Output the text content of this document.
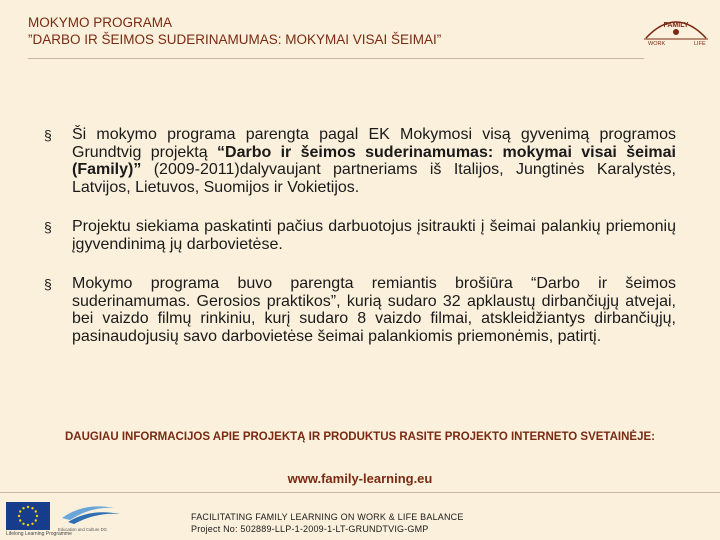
MOKYMO PROGRAMA
”DARBO IR ŠEIMOS SUDERINAMUMAS: MOKYMAI VISAI ŠEIMAI”
FAMILY
WORK	LIFE
§ Ši mokymo programa parengta pagal EK Mokymosi visą gyvenimą programos Grundtvig projektą “Darbo ir šeimos suderinamumas: mokymai visai šeimai (Family)” (2009-2011)dalyvaujant partneriams iš Italijos, Jungtinės Karalystės, Latvijos, Lietuvos, Suomijos ir Vokietijos.
§ Projektu siekiama paskatinti pačius darbuotojus įsitraukti į šeimai palankių priemonių įgyvendinimą jų darbovietėse.
§ Mokymo programa buvo parengta remiantis brošiūra “Darbo ir šeimos suderinamumas. Gerosios praktikos”, kurią sudaro 32 apklaustų dirbančiųjų atvejai, bei vaizdo filmų rinkiniu, kurį sudaro 8 vaizdo filmai, atskleidžiantys dirbančiųjų, pasinaudojusių savo darbovietėse šeimai palankiomis priemonėmis, patirtį.
DAUGIAU INFORMACIJOS APIE PROJEKTĄ IR PRODUKTUS RASITE PROJEKTO INTERNETO SVETAINĖJE:
www.family-learning.eu
Education and Culture DG
Lifelong Learning Programme
FACILITATING FAMILY LEARNING ON WORK & LIFE BALANCE
Project No: 502889-LLP-1-2009-1-LT-GRUNDTVIG-GMP
